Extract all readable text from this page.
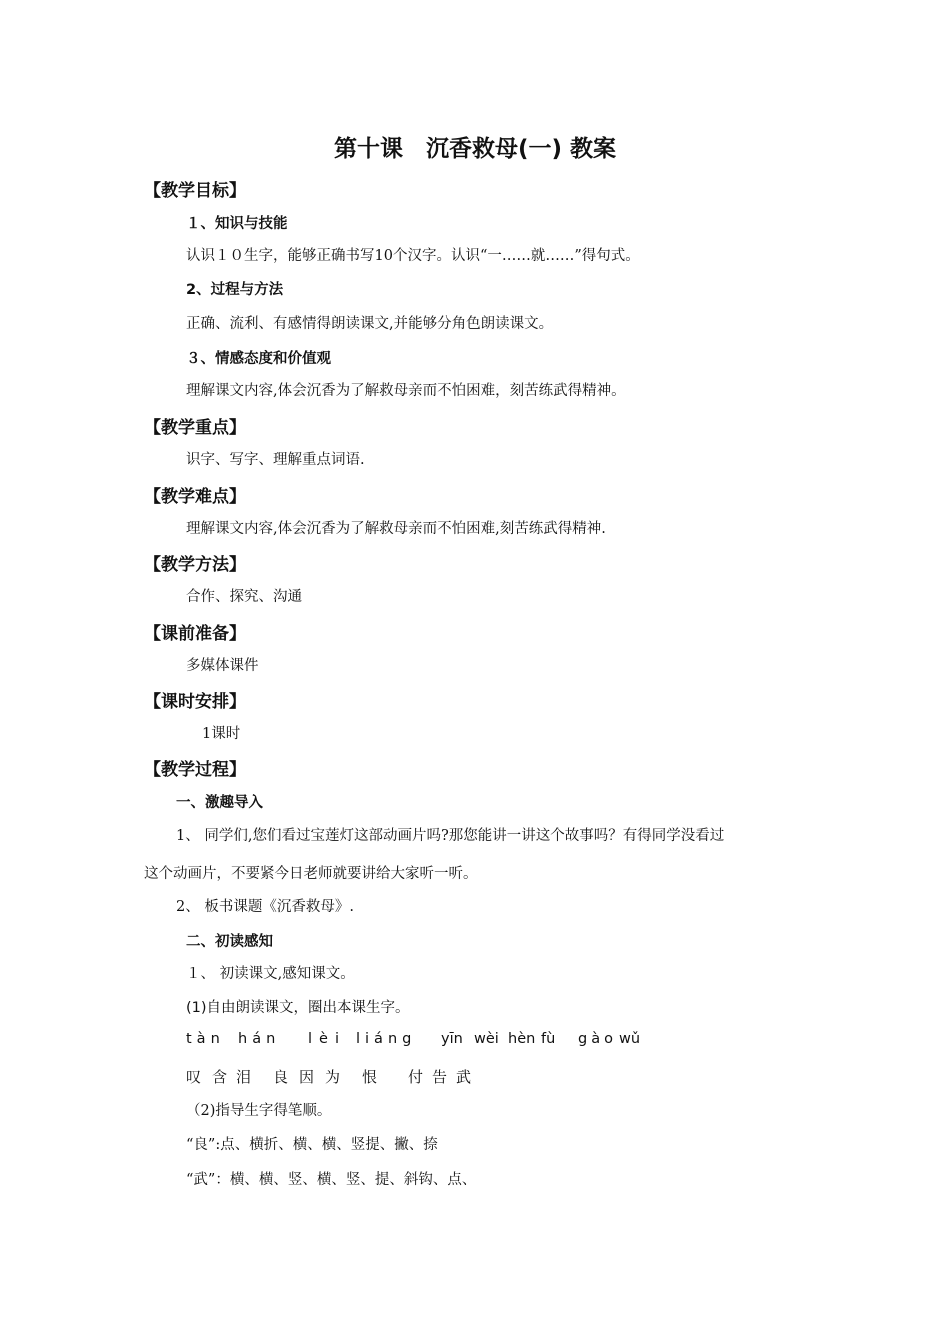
第十课　沉香救母(一) 教案
【教学目标】
１、知识与技能
认识１０生字，能够正确书写10个汉字。认识“一……就……”得句式。
2、过程与方法
正确、流利、有感情得朗读课文,并能够分角色朗读课文。
３、情感态度和价值观
理解课文内容,体会沉香为了解救母亲而不怕困难，刻苦练武得精神。
【教学重点】
识字、写字、理解重点词语.
【教学难点】
理解课文内容,体会沉香为了解救母亲而不怕困难,刻苦练武得精神.
【教学方法】
合作、探究、沟通
【课前准备】
多媒体课件
【课时安排】
1课时
【教学过程】
一、激趣导入
1、 同学们,您们看过宝莲灯这部动画片吗?那您能讲一讲这个故事吗？有得同学没看过
这个动画片，不要紧今日老师就要讲给大家听一听。
2、 板书课题《沉香救母》.
二、初读感知
１、 初读课文,感知课文。
(1)自由朗读课文，圈出本课生字。
tàn hán lèi liáng yīn wèi hèn fù gào wǔ
叹 含 泪 良 因 为 恨 付 告 武
（2)指导生字得笔顺。
“良”:点、横折、横、横、竖提、撇、捺
“武”：横、横、竖、横、竖、提、斜钩、点、
